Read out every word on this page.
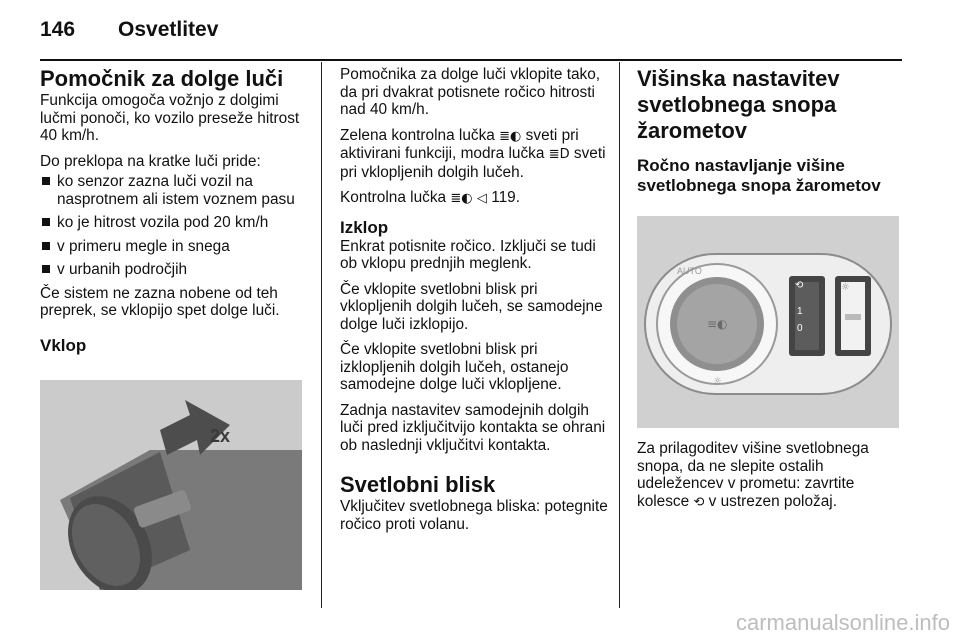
146 Osvetlitev
Pomočnik za dolge luči

Funkcija omogoča vožnjo z dolgimi lučmi ponoči, ko vozilo preseže hitrost 40 km/h.

Do preklopa na kratke luči pride:

ko senzor zazna luči vozil na nasprotnem ali istem voznem pasu
ko je hitrost vozila pod 20 km/h
v primeru megle in snega
v urbanih področjih

Če sistem ne zazna nobene od teh preprek, se vklopijo spet dolge luči.

Vklop
2x

Pomočnika za dolge luči vklopite tako, da pri dvakrat potisnete ročico hitrosti nad 40 km/h.

Zelena kontrolna lučka ≣◐ sveti pri aktivirani funkciji, modra lučka ≣D sveti pri vklopljenih dolgih lučeh.

Kontrolna lučka ≣◐ ◁ 119.

Izklop

Enkrat potisnite ročico. Izključi se tudi ob vklopu prednjih meglenk.

Če vklopite svetlobni blisk pri vklopljenih dolgih lučeh, se samodejne dolge luči izklopijo.

Če vklopite svetlobni blisk pri izklopljenih dolgih lučeh, ostanejo samodejne dolge luči vklopljene.

Zadnja nastavitev samodejnih dolgih luči pred izključitvijo kontakta se ohrani ob naslednji vključitvi kontakta.

Svetlobni blisk

Vključitev svetlobnega bliska: potegnite ročico proti volanu.

Višinska nastavitev svetlobnega snopa žarometov
Ročno nastavljanje višine svetlobnega snopa žarometov
AUTO
≡◐
1
0
⟲	☼
☼

Za prilagoditev višine svetlobnega snopa, da ne slepite ostalih udeležencev v prometu: zavrtite kolesce ⟲ v ustrezen položaj.

carmanualsonline.info
